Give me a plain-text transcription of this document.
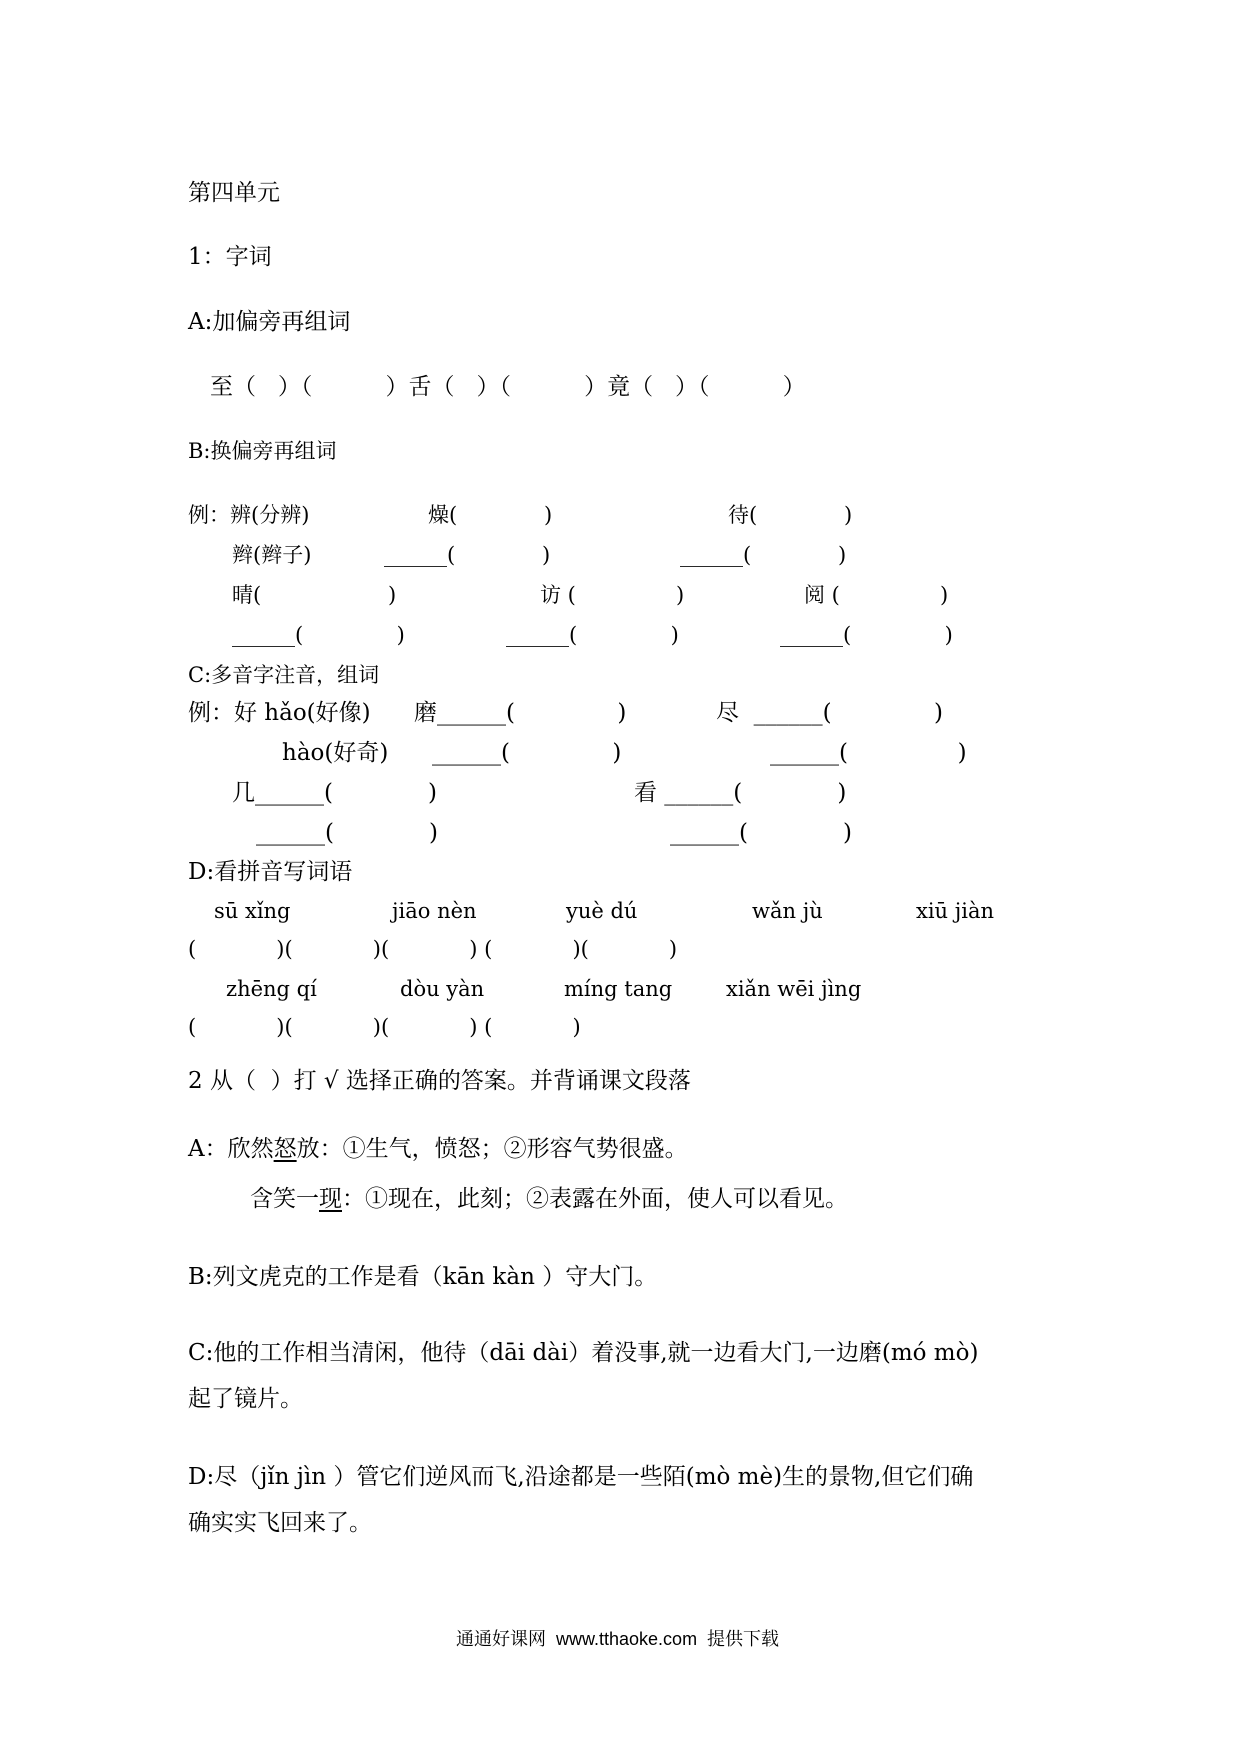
第四单元
1：字词
A:加偏旁再组词
至（   ）（          ）舌（   ）（          ）竟（   ）（          ）
B:换偏旁再组词
例：辨(分辨)	燥(             )	待(             )
辫(辫子)	______(             )	______(             )
晴(                   )	访 (               )	阅 (               )
______(              )	______(              )	______(              )
C:多音字注音，组词
例：好 hǎo(好像) 磨______(              )	尽  ______(              )
hào(好奇) ______(              )	______(               )
几______(             )	看 ______(             )
______(             )	______(             )
D:看拼音写词语
sū xǐng	jiāo nèn	yuè dú	wǎn jù	xiū jiàn
(            )(            )(            ) (            )(            )
zhēng qí	dòu yàn	míng tang	xiǎn wēi jìng
(            )(            )(            ) (            )
2 从（  ）打 √ 选择正确的答案。并背诵课文段落
A：欣然怒放：①生气，愤怒；②形容气势很盛。
含笑一现：①现在，此刻；②表露在外面，使人可以看见。
B:列文虎克的工作是看（kān kàn ）守大门。
C:他的工作相当清闲，他待（dāi dài）着没事,就一边看大门,一边磨(mó mò)
起了镜片。
D:尽（jǐn jìn ）管它们逆风而飞,沿途都是一些陌(mò mè)生的景物,但它们确
确实实飞回来了。
通通好课网  www.tthaoke.com  提供下载
